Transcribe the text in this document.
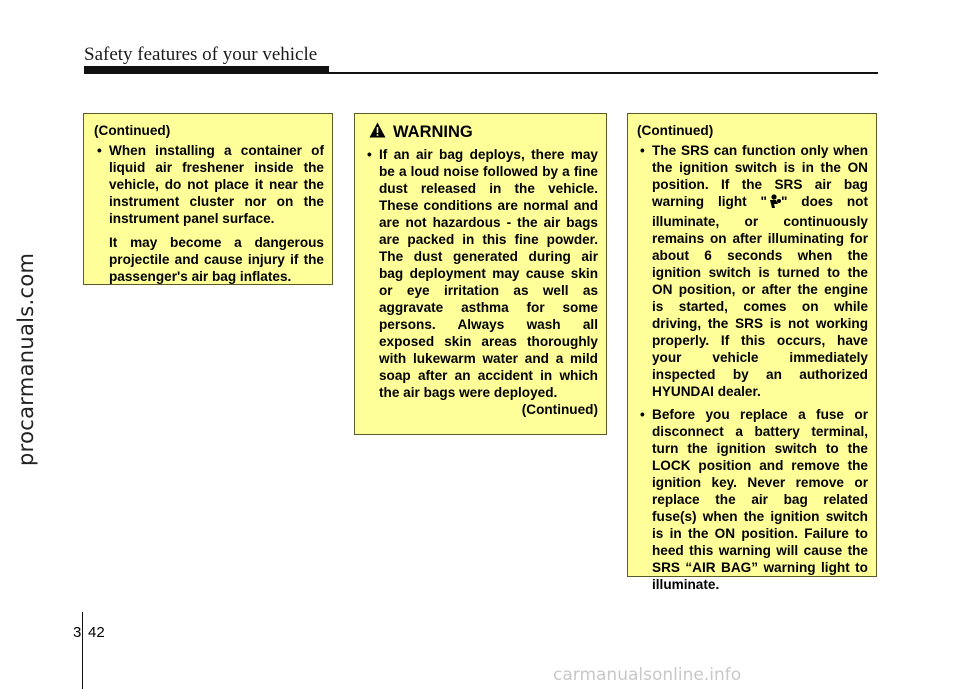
Safety features of your vehicle
procarmanuals.com

(Continued)

• When installing a container of liquid air freshener inside the vehicle, do not place it near the instrument cluster nor on the instrument panel surface.

It may become a dangerous projectile and cause injury if the passenger's air bag inflates.

WARNING

• If an air bag deploys, there may be a loud noise followed by a fine dust released in the vehicle. These conditions are normal and are not hazardous - the air bags are packed in this fine powder. The dust generated during air bag deployment may cause skin or eye irritation as well as aggravate asthma for some persons. Always wash all exposed skin areas thoroughly with lukewarm water and a mild soap after an accident in which the air bags were deployed.

(Continued)

(Continued)

• The SRS can function only when the ignition switch is in the ON position. If the SRS air bag warning light " " does not illuminate, or continuously remains on after illuminating for about 6 seconds when the ignition switch is turned to the ON position, or after the engine is started, comes on while driving, the SRS is not working properly. If this occurs, have your vehicle immediately inspected by an authorized HYUNDAI dealer.

• Before you replace a fuse or disconnect a battery terminal, turn the ignition switch to the LOCK position and remove the ignition key. Never remove or replace the air bag related fuse(s) when the ignition switch is in the ON position. Failure to heed this warning will cause the SRS “AIR BAG” warning light to illuminate.

3 42
carmanualsonline.info
